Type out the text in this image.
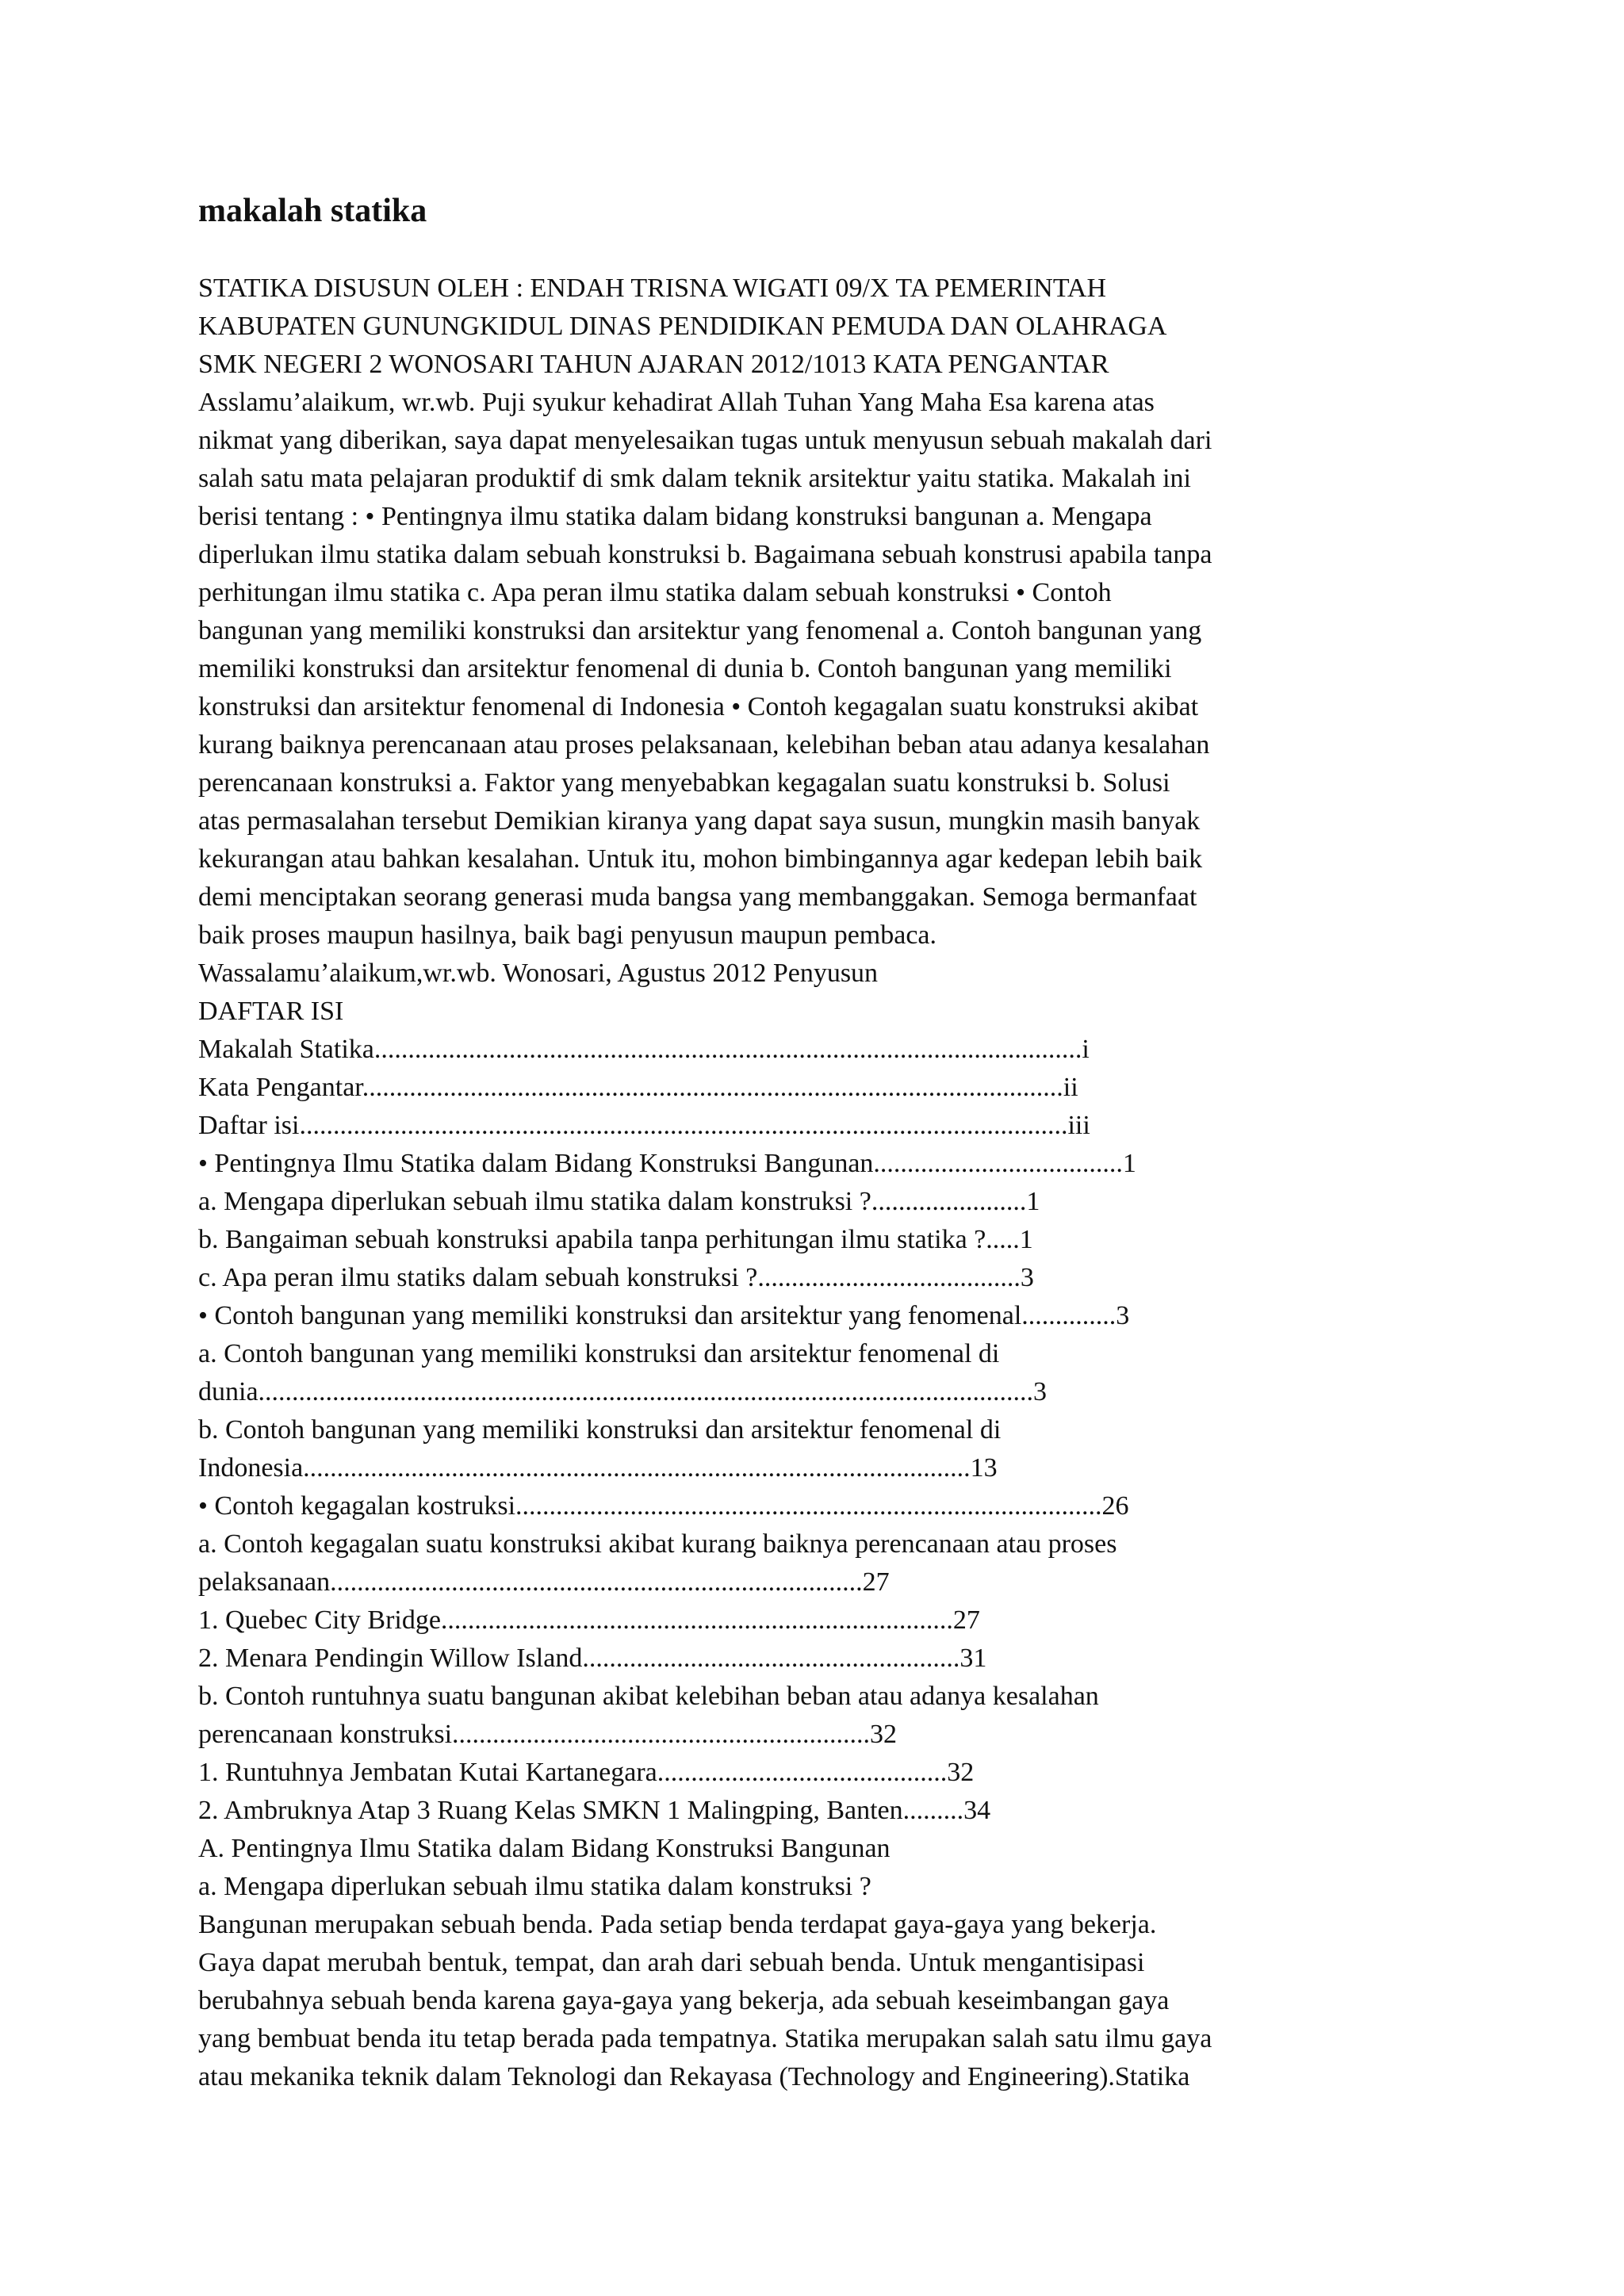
makalah statika
STATIKA DISUSUN OLEH : ENDAH TRISNA WIGATI 09/X TA PEMERINTAH
KABUPATEN GUNUNGKIDUL DINAS PENDIDIKAN PEMUDA DAN OLAHRAGA
SMK NEGERI 2 WONOSARI TAHUN AJARAN 2012/1013 KATA PENGANTAR
Asslamu’alaikum, wr.wb. Puji syukur kehadirat Allah Tuhan Yang Maha Esa karena atas
nikmat yang diberikan, saya dapat menyelesaikan tugas untuk menyusun sebuah makalah dari
salah satu mata pelajaran produktif di smk dalam teknik arsitektur yaitu statika. Makalah ini
berisi tentang : • Pentingnya ilmu statika dalam bidang konstruksi bangunan a. Mengapa
diperlukan ilmu statika dalam sebuah konstruksi b. Bagaimana sebuah konstrusi apabila tanpa
perhitungan ilmu statika c. Apa peran ilmu statika dalam sebuah konstruksi • Contoh
bangunan yang memiliki konstruksi dan arsitektur yang fenomenal a. Contoh bangunan yang
memiliki konstruksi dan arsitektur fenomenal di dunia b. Contoh bangunan yang memiliki
konstruksi dan arsitektur fenomenal di Indonesia • Contoh kegagalan suatu konstruksi akibat
kurang baiknya perencanaan atau proses pelaksanaan, kelebihan beban atau adanya kesalahan
perencanaan konstruksi a. Faktor yang menyebabkan kegagalan suatu konstruksi b. Solusi
atas permasalahan tersebut Demikian kiranya yang dapat saya susun, mungkin masih banyak
kekurangan atau bahkan kesalahan. Untuk itu, mohon bimbingannya agar kedepan lebih baik
demi menciptakan seorang generasi muda bangsa yang membanggakan. Semoga bermanfaat
baik proses maupun hasilnya, baik bagi penyusun maupun pembaca.
Wassalamu’alaikum,wr.wb. Wonosari, Agustus 2012 Penyusun
DAFTAR ISI
Makalah Statika.........................................................................................................i
Kata Pengantar........................................................................................................ii
Daftar isi..................................................................................................................iii
• Pentingnya Ilmu Statika dalam Bidang Konstruksi Bangunan.....................................1
a. Mengapa diperlukan sebuah ilmu statika dalam konstruksi ?.......................1
b. Bangaiman sebuah konstruksi apabila tanpa perhitungan ilmu statika ?.....1
c. Apa peran ilmu statiks dalam sebuah konstruksi ?.......................................3
• Contoh bangunan yang memiliki konstruksi dan arsitektur yang fenomenal..............3
a. Contoh bangunan yang memiliki konstruksi dan arsitektur fenomenal di
dunia...................................................................................................................3
b. Contoh bangunan yang memiliki konstruksi dan arsitektur fenomenal di
Indonesia...................................................................................................13
• Contoh kegagalan kostruksi.......................................................................................26
a. Contoh kegagalan suatu konstruksi akibat kurang baiknya perencanaan atau proses
pelaksanaan...............................................................................27
1. Quebec City Bridge............................................................................27
2. Menara Pendingin Willow Island........................................................31
b. Contoh runtuhnya suatu bangunan akibat kelebihan beban atau adanya kesalahan
perencanaan konstruksi..............................................................32
1. Runtuhnya Jembatan Kutai Kartanegara...........................................32
2. Ambruknya Atap 3 Ruang Kelas SMKN 1 Malingping, Banten.........34
A. Pentingnya Ilmu Statika dalam Bidang Konstruksi Bangunan
a. Mengapa diperlukan sebuah ilmu statika dalam konstruksi ?
Bangunan merupakan sebuah benda. Pada setiap benda terdapat gaya-gaya yang bekerja.
Gaya dapat merubah bentuk, tempat, dan arah dari sebuah benda. Untuk mengantisipasi
berubahnya sebuah benda karena gaya-gaya yang bekerja, ada sebuah keseimbangan gaya
yang bembuat benda itu tetap berada pada tempatnya. Statika merupakan salah satu ilmu gaya
atau mekanika teknik dalam Teknologi dan Rekayasa (Technology and Engineering).Statika
